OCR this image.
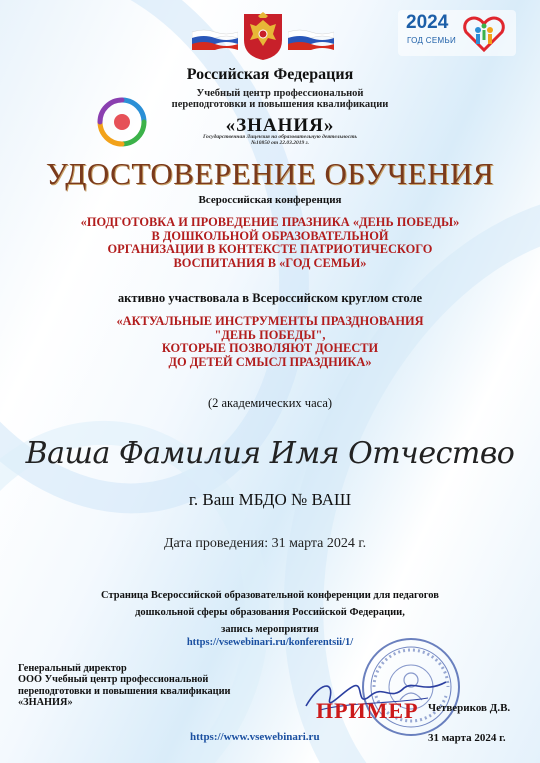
2024
ГОД СЕМЬИ
Российская Федерация
Учебный центр профессиональной
переподготовки и повышения квалификации
«ЗНАНИЯ»
Государственная Лицензия на образовательную деятельность
№10850 от 22.03.2019 г.
УДОСТОВЕРЕНИЕ ОБУЧЕНИЯ
Всероссийская конференция
«ПОДГОТОВКА И ПРОВЕДЕНИЕ ПРАЗНИКА «ДЕНЬ ПОБЕДЫ»
В ДОШКОЛЬНОЙ ОБРАЗОВАТЕЛЬНОЙ
ОРГАНИЗАЦИИ В КОНТЕКСТЕ ПАТРИОТИЧЕСКОГО
ВОСПИТАНИЯ В «ГОД СЕМЬИ»
активно участвовала в Всероссийском круглом столе
«АКТУАЛЬНЫЕ ИНСТРУМЕНТЫ ПРАЗДНОВАНИЯ
"ДЕНЬ ПОБЕДЫ",
КОТОРЫЕ ПОЗВОЛЯЮТ ДОНЕСТИ
ДО ДЕТЕЙ СМЫСЛ ПРАЗДНИКА»
(2 академических часа)
Ваша Фамилия Имя Отчество
г. Ваш МБДО № ВАШ
Дата проведения: 31 марта 2024 г.
Страница Всероссийской образовательной конференции для педагогов
дошкольной сферы образования Российской Федерации,
запись мероприятия
https://vsewebinari.ru/konferentsii/1/
Генеральный директор
ООО Учебный центр профессиональной
переподготовки и повышения квалификации
«ЗНАНИЯ»	ПРИМЕР Четвериков Д.В.
https://www.vsewebinari.ru	31 марта 2024 г.
